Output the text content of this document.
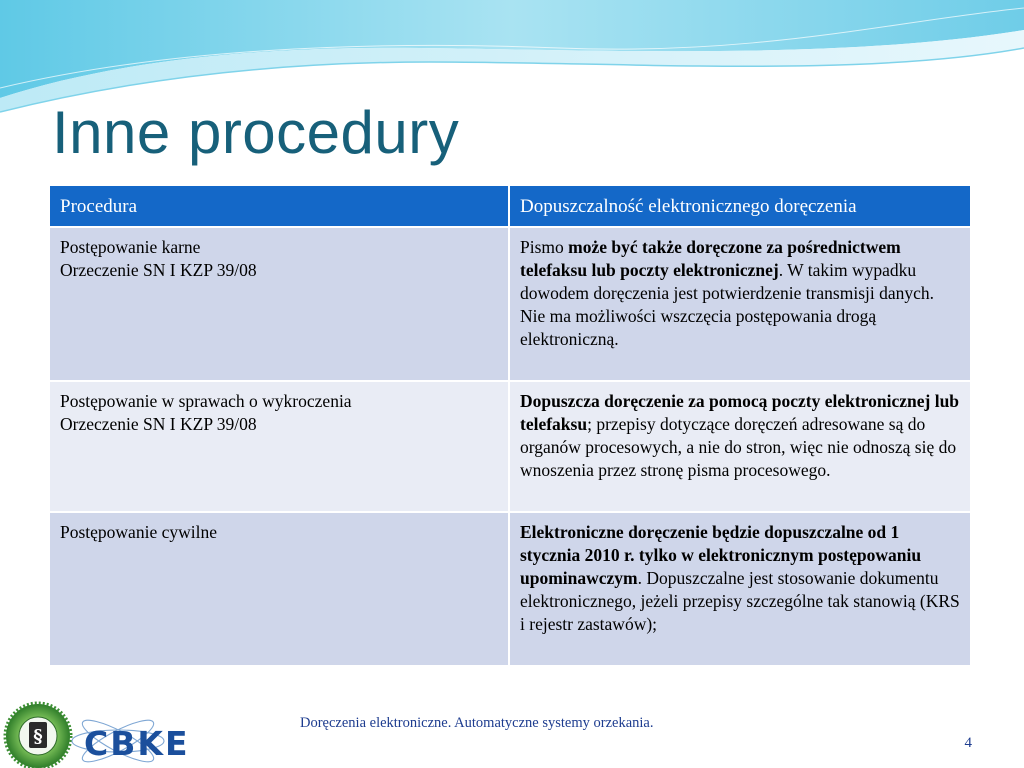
Inne procedury
Procedura	Dopuszczalność elektronicznego doręczenia
Postępowanie karne
Orzeczenie SN I KZP 39/08	Pismo może być także doręczone za pośrednictwem telefaksu lub poczty elektronicznej. W takim wypadku dowodem doręczenia jest potwierdzenie transmisji danych. Nie ma możliwości wszczęcia postępowania drogą elektroniczną.
Postępowanie w sprawach o wykroczenia
Orzeczenie SN I KZP 39/08	Dopuszcza doręczenie za pomocą poczty elektronicznej lub telefaksu; przepisy dotyczące doręczeń adresowane są do organów procesowych, a nie do stron, więc nie odnoszą się do wnoszenia przez stronę pisma procesowego.
Postępowanie cywilne	Elektroniczne doręczenie będzie dopuszczalne od 1 stycznia 2010 r. tylko w elektronicznym postępowaniu upominawczym. Dopuszczalne jest stosowanie dokumentu elektronicznego, jeżeli przepisy szczególne tak stanowią (KRS i rejestr zastawów);
§ CBKE
Doręczenia elektroniczne. Automatyczne systemy orzekania.
4
